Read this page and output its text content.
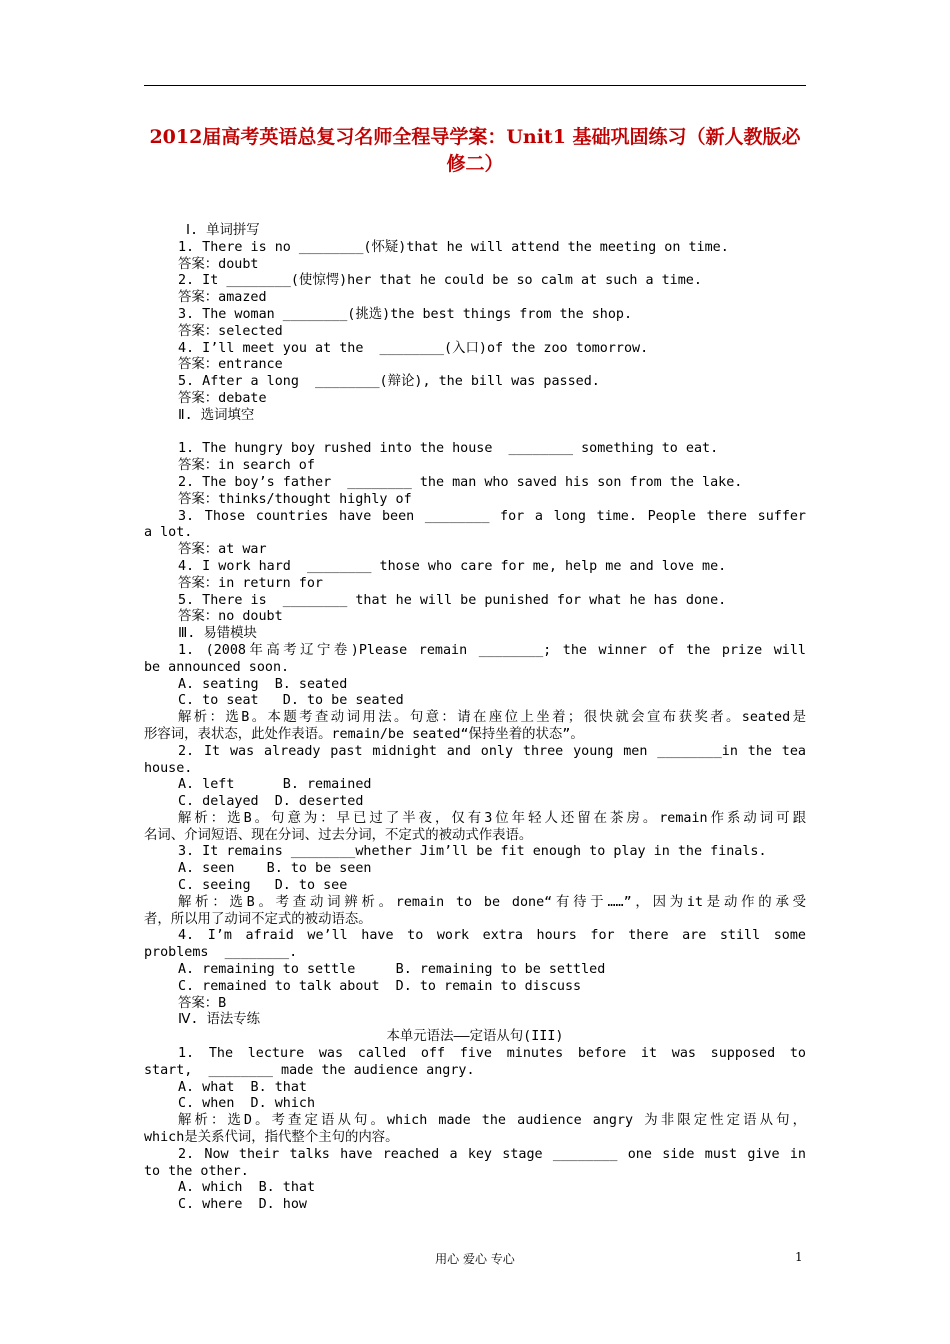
2012届高考英语总复习名师全程导学案：Unit1 基础巩固练习（新人教版必修二）
Ⅰ. 单词拼写
1. There is no ________(怀疑)that he will attend the meeting on time.
答案：doubt
2. It ________(使惊愕)her that he could be so calm at such a time.
答案：amazed
3. The woman ________(挑选)the best things from the shop.
答案：selected
4. I’ll meet you at the  ________(入口)of the zoo tomorrow.
答案：entrance
5. After a long  ________(辩论), the bill was passed.
答案：debate
Ⅱ. 选词填空
1. The hungry boy rushed into the house  ________ something to eat.
答案：in search of
2. The boy’s father  ________ the man who saved his son from the lake.
答案：thinks/thought highly of
3. Those countries have been ________ for a long time. People there suffer
a lot.
答案：at war
4. I work hard  ________ those who care for me, help me and love me.
答案：in return for
5. There is  ________ that he will be punished for what he has done.
答案：no doubt
Ⅲ. 易错模块
1. (2008年高考辽宁卷)Please remain ________; the winner of the prize will
be announced soon.
A. seating  B. seated
C. to seat   D. to be seated
解析：选B。本题考查动词用法。句意：请在座位上坐着；很快就会宣布获奖者。seated是
形容词，表状态，此处作表语。remain/be seated“保持坐着的状态”。
2. It was already past midnight and only three young men ________in the tea
house.
A. left      B. remained
C. delayed  D. deserted
解析：选B。句意为：早已过了半夜，仅有3位年轻人还留在茶房。remain作系动词可跟
名词、介词短语、现在分词、过去分词，不定式的被动式作表语。
3. It remains ________whether Jim’ll be fit enough to play in the finals.
A. seen    B. to be seen
C. seeing   D. to see
解析：选B。考查动词辨析。remain to be done“有待于……”，因为it是动作的承受
者，所以用了动词不定式的被动语态。
4. I’m afraid we’ll have to work extra hours for there are still some
problems  ________.
A. remaining to settle     B. remaining to be settled
C. remained to talk about  D. to remain to discuss
答案：B
Ⅳ. 语法专练
本单元语法——定语从句(III)
1. The lecture was called off five minutes before it was supposed to
start,  ________ made the audience angry.
A. what  B. that
C. when  D. which
解析：选D。考查定语从句。which made the audience angry 为非限定性定语从句，
which是关系代词，指代整个主句的内容。
2. Now their talks have reached a key stage ________ one side must give in
to the other.
A. which  B. that
C. where  D. how
用心 爱心 专心	1
